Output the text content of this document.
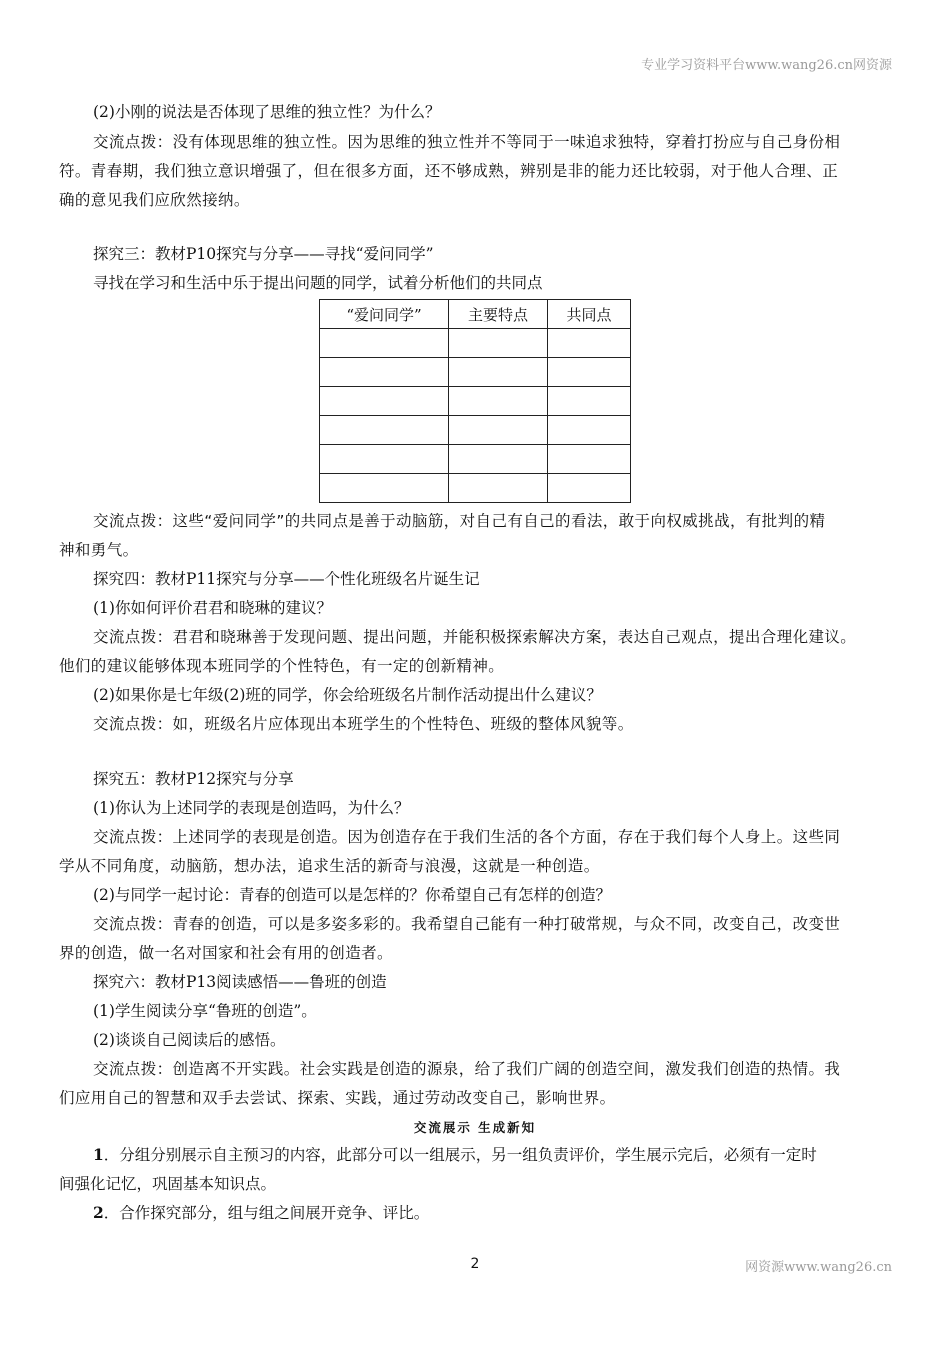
专业学习资料平台www.wang26.cn网资源
(2)小刚的说法是否体现了思维的独立性？为什么？
交流点拨：没有体现思维的独立性。因为思维的独立性并不等同于一味追求独特，穿着打扮应与自己身份相
符。青春期，我们独立意识增强了，但在很多方面，还不够成熟，辨别是非的能力还比较弱，对于他人合理、正
确的意见我们应欣然接纳。
探究三：教材P10探究与分享——寻找“爱问同学”
寻找在学习和生活中乐于提出问题的同学，试着分析他们的共同点
“爱问同学”	主要特点	共同点

交流点拨：这些“爱问同学”的共同点是善于动脑筋，对自己有自己的看法，敢于向权威挑战，有批判的精
神和勇气。
探究四：教材P11探究与分享——个性化班级名片诞生记
(1)你如何评价君君和晓琳的建议？
交流点拨：君君和晓琳善于发现问题、提出问题，并能积极探索解决方案，表达自己观点，提出合理化建议。
他们的建议能够体现本班同学的个性特色，有一定的创新精神。
(2)如果你是七年级(2)班的同学，你会给班级名片制作活动提出什么建议？
交流点拨：如，班级名片应体现出本班学生的个性特色、班级的整体风貌等。
探究五：教材P12探究与分享
(1)你认为上述同学的表现是创造吗，为什么？
交流点拨：上述同学的表现是创造。因为创造存在于我们生活的各个方面，存在于我们每个人身上。这些同
学从不同角度，动脑筋，想办法，追求生活的新奇与浪漫，这就是一种创造。
(2)与同学一起讨论：青春的创造可以是怎样的？你希望自己有怎样的创造？
交流点拨：青春的创造，可以是多姿多彩的。我希望自己能有一种打破常规，与众不同，改变自己，改变世
界的创造，做一名对国家和社会有用的创造者。
探究六：教材P13阅读感悟——鲁班的创造
(1)学生阅读分享“鲁班的创造”。
(2)谈谈自己阅读后的感悟。
交流点拨：创造离不开实践。社会实践是创造的源泉，给了我们广阔的创造空间，激发我们创造的热情。我
们应用自己的智慧和双手去尝试、探索、实践，通过劳动改变自己，影响世界。
交流展示 生成新知
1．分组分别展示自主预习的内容，此部分可以一组展示，另一组负责评价，学生展示完后，必须有一定时
间强化记忆，巩固基本知识点。
2．合作探究部分，组与组之间展开竞争、评比。
2	网资源www.wang26.cn
